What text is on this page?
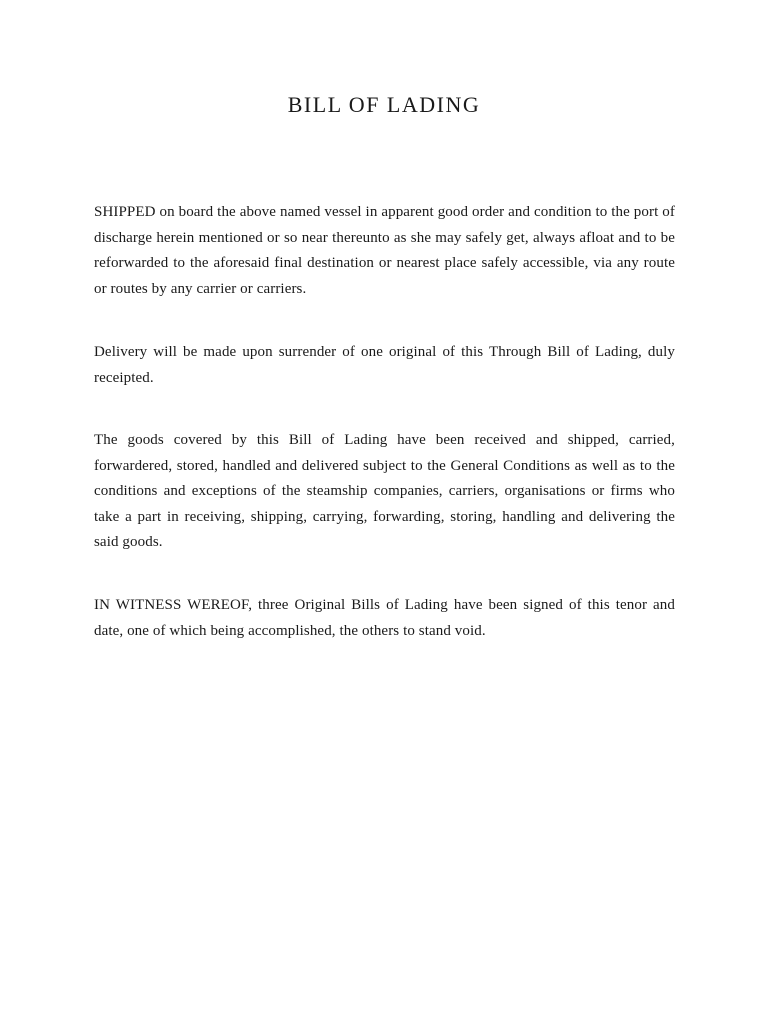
BILL OF LADING

SHIPPED on board the above named vessel in apparent good order and condition to the port of discharge herein mentioned or so near thereunto as she may safely get, always afloat and to be reforwarded to the aforesaid final destination or nearest place safely accessible, via any route or routes by any carrier or carriers.

Delivery will be made upon surrender of one original of this Through Bill of Lading, duly receipted.

The goods covered by this Bill of Lading have been received and shipped, carried, forwardered, stored, handled and delivered subject to the General Conditions as well as to the conditions and exceptions of the steamship companies, carriers, organisations or firms who take a part in receiving, shipping, carrying, forwarding, storing, handling and delivering the said goods.

IN WITNESS WEREOF, three Original Bills of Lading have been signed of this tenor and date, one of which being accomplished, the others to stand void.
